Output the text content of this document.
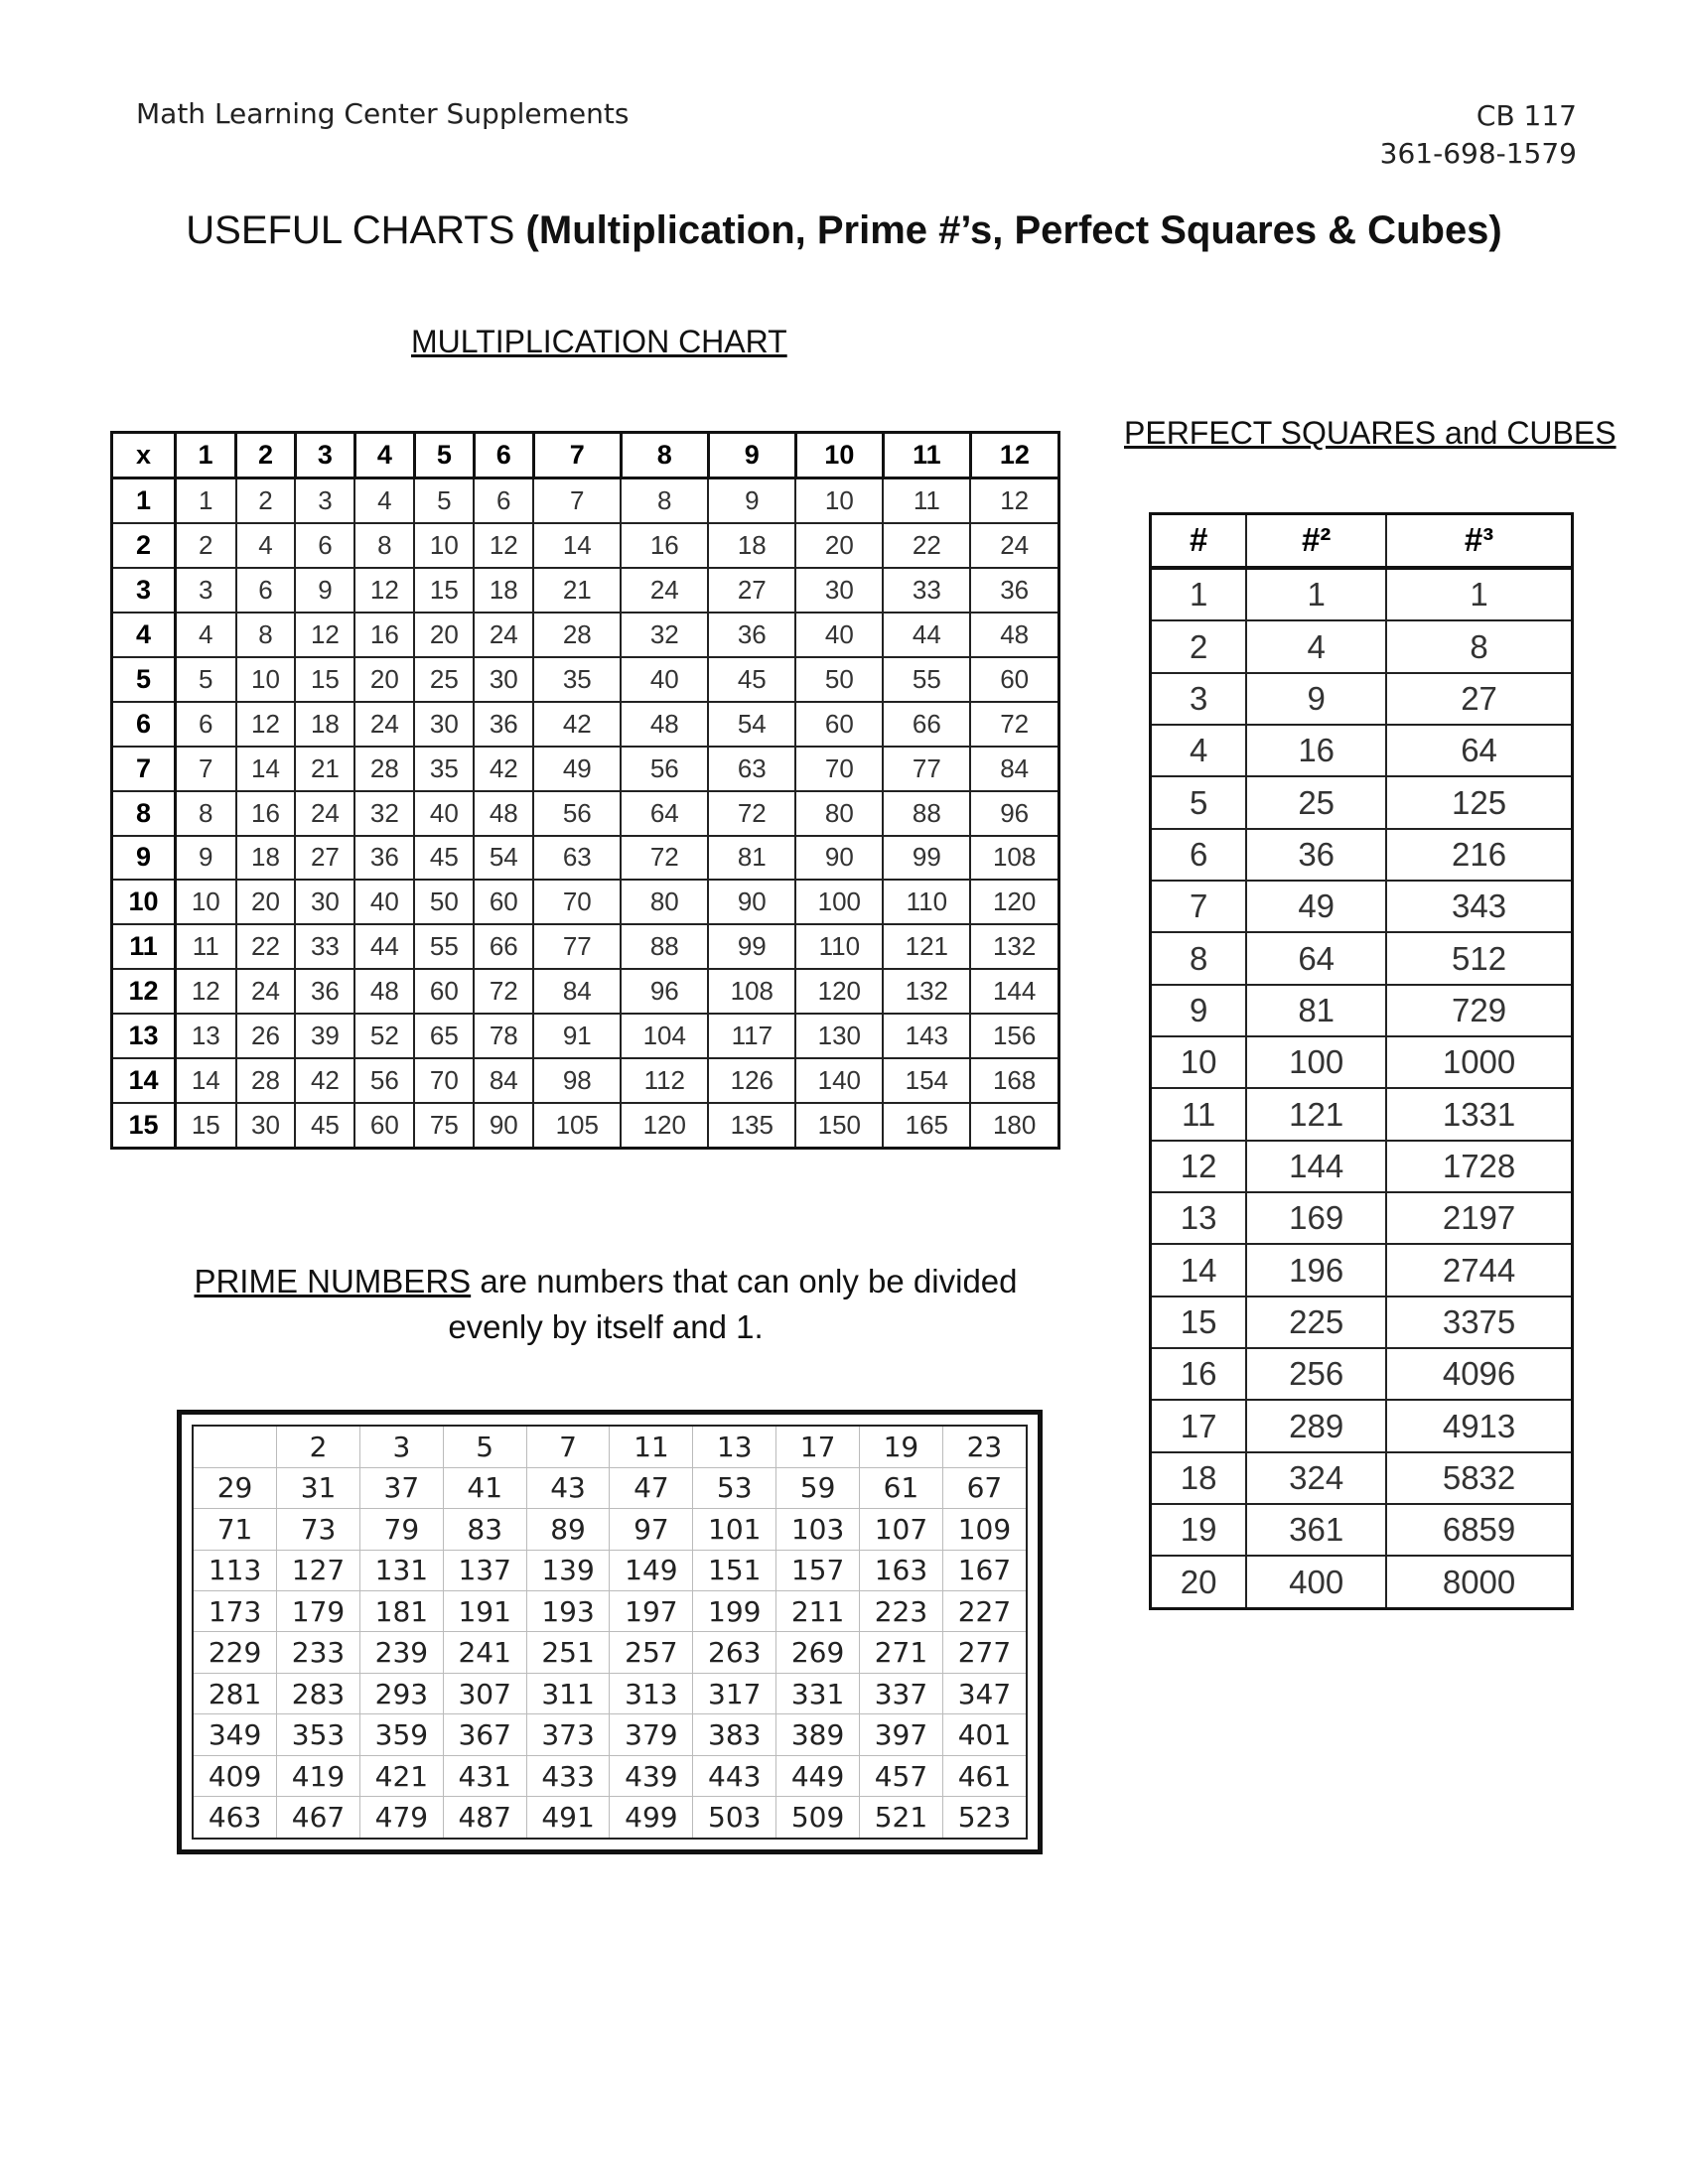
Math Learning Center Supplements	CB 117
361-698-1579
USEFUL CHARTS (Multiplication, Prime #’s, Perfect Squares & Cubes)
MULTIPLICATION CHART
x	1	2	3	4	5	6	7	8	9	10	11	12
1	1	2	3	4	5	6	7	8	9	10	11	12
2	2	4	6	8	10	12	14	16	18	20	22	24
3	3	6	9	12	15	18	21	24	27	30	33	36
4	4	8	12	16	20	24	28	32	36	40	44	48
5	5	10	15	20	25	30	35	40	45	50	55	60
6	6	12	18	24	30	36	42	48	54	60	66	72
7	7	14	21	28	35	42	49	56	63	70	77	84
8	8	16	24	32	40	48	56	64	72	80	88	96
9	9	18	27	36	45	54	63	72	81	90	99	108
10	10	20	30	40	50	60	70	80	90	100	110	120
11	11	22	33	44	55	66	77	88	99	110	121	132
12	12	24	36	48	60	72	84	96	108	120	132	144
13	13	26	39	52	65	78	91	104	117	130	143	156
14	14	28	42	56	70	84	98	112	126	140	154	168
15	15	30	45	60	75	90	105	120	135	150	165	180
PERFECT SQUARES and CUBES
#	#²	#³
1	1	1
2	4	8
3	9	27
4	16	64
5	25	125
6	36	216
7	49	343
8	64	512
9	81	729
10	100	1000
11	121	1331
12	144	1728
13	169	2197
14	196	2744
15	225	3375
16	256	4096
17	289	4913
18	324	5832
19	361	6859
20	400	8000
PRIME NUMBERS are numbers that can only be divided
evenly by itself and 1.
	2	3	5	7	11	13	17	19	23
29	31	37	41	43	47	53	59	61	67
71	73	79	83	89	97	101	103	107	109
113	127	131	137	139	149	151	157	163	167
173	179	181	191	193	197	199	211	223	227
229	233	239	241	251	257	263	269	271	277
281	283	293	307	311	313	317	331	337	347
349	353	359	367	373	379	383	389	397	401
409	419	421	431	433	439	443	449	457	461
463	467	479	487	491	499	503	509	521	523
